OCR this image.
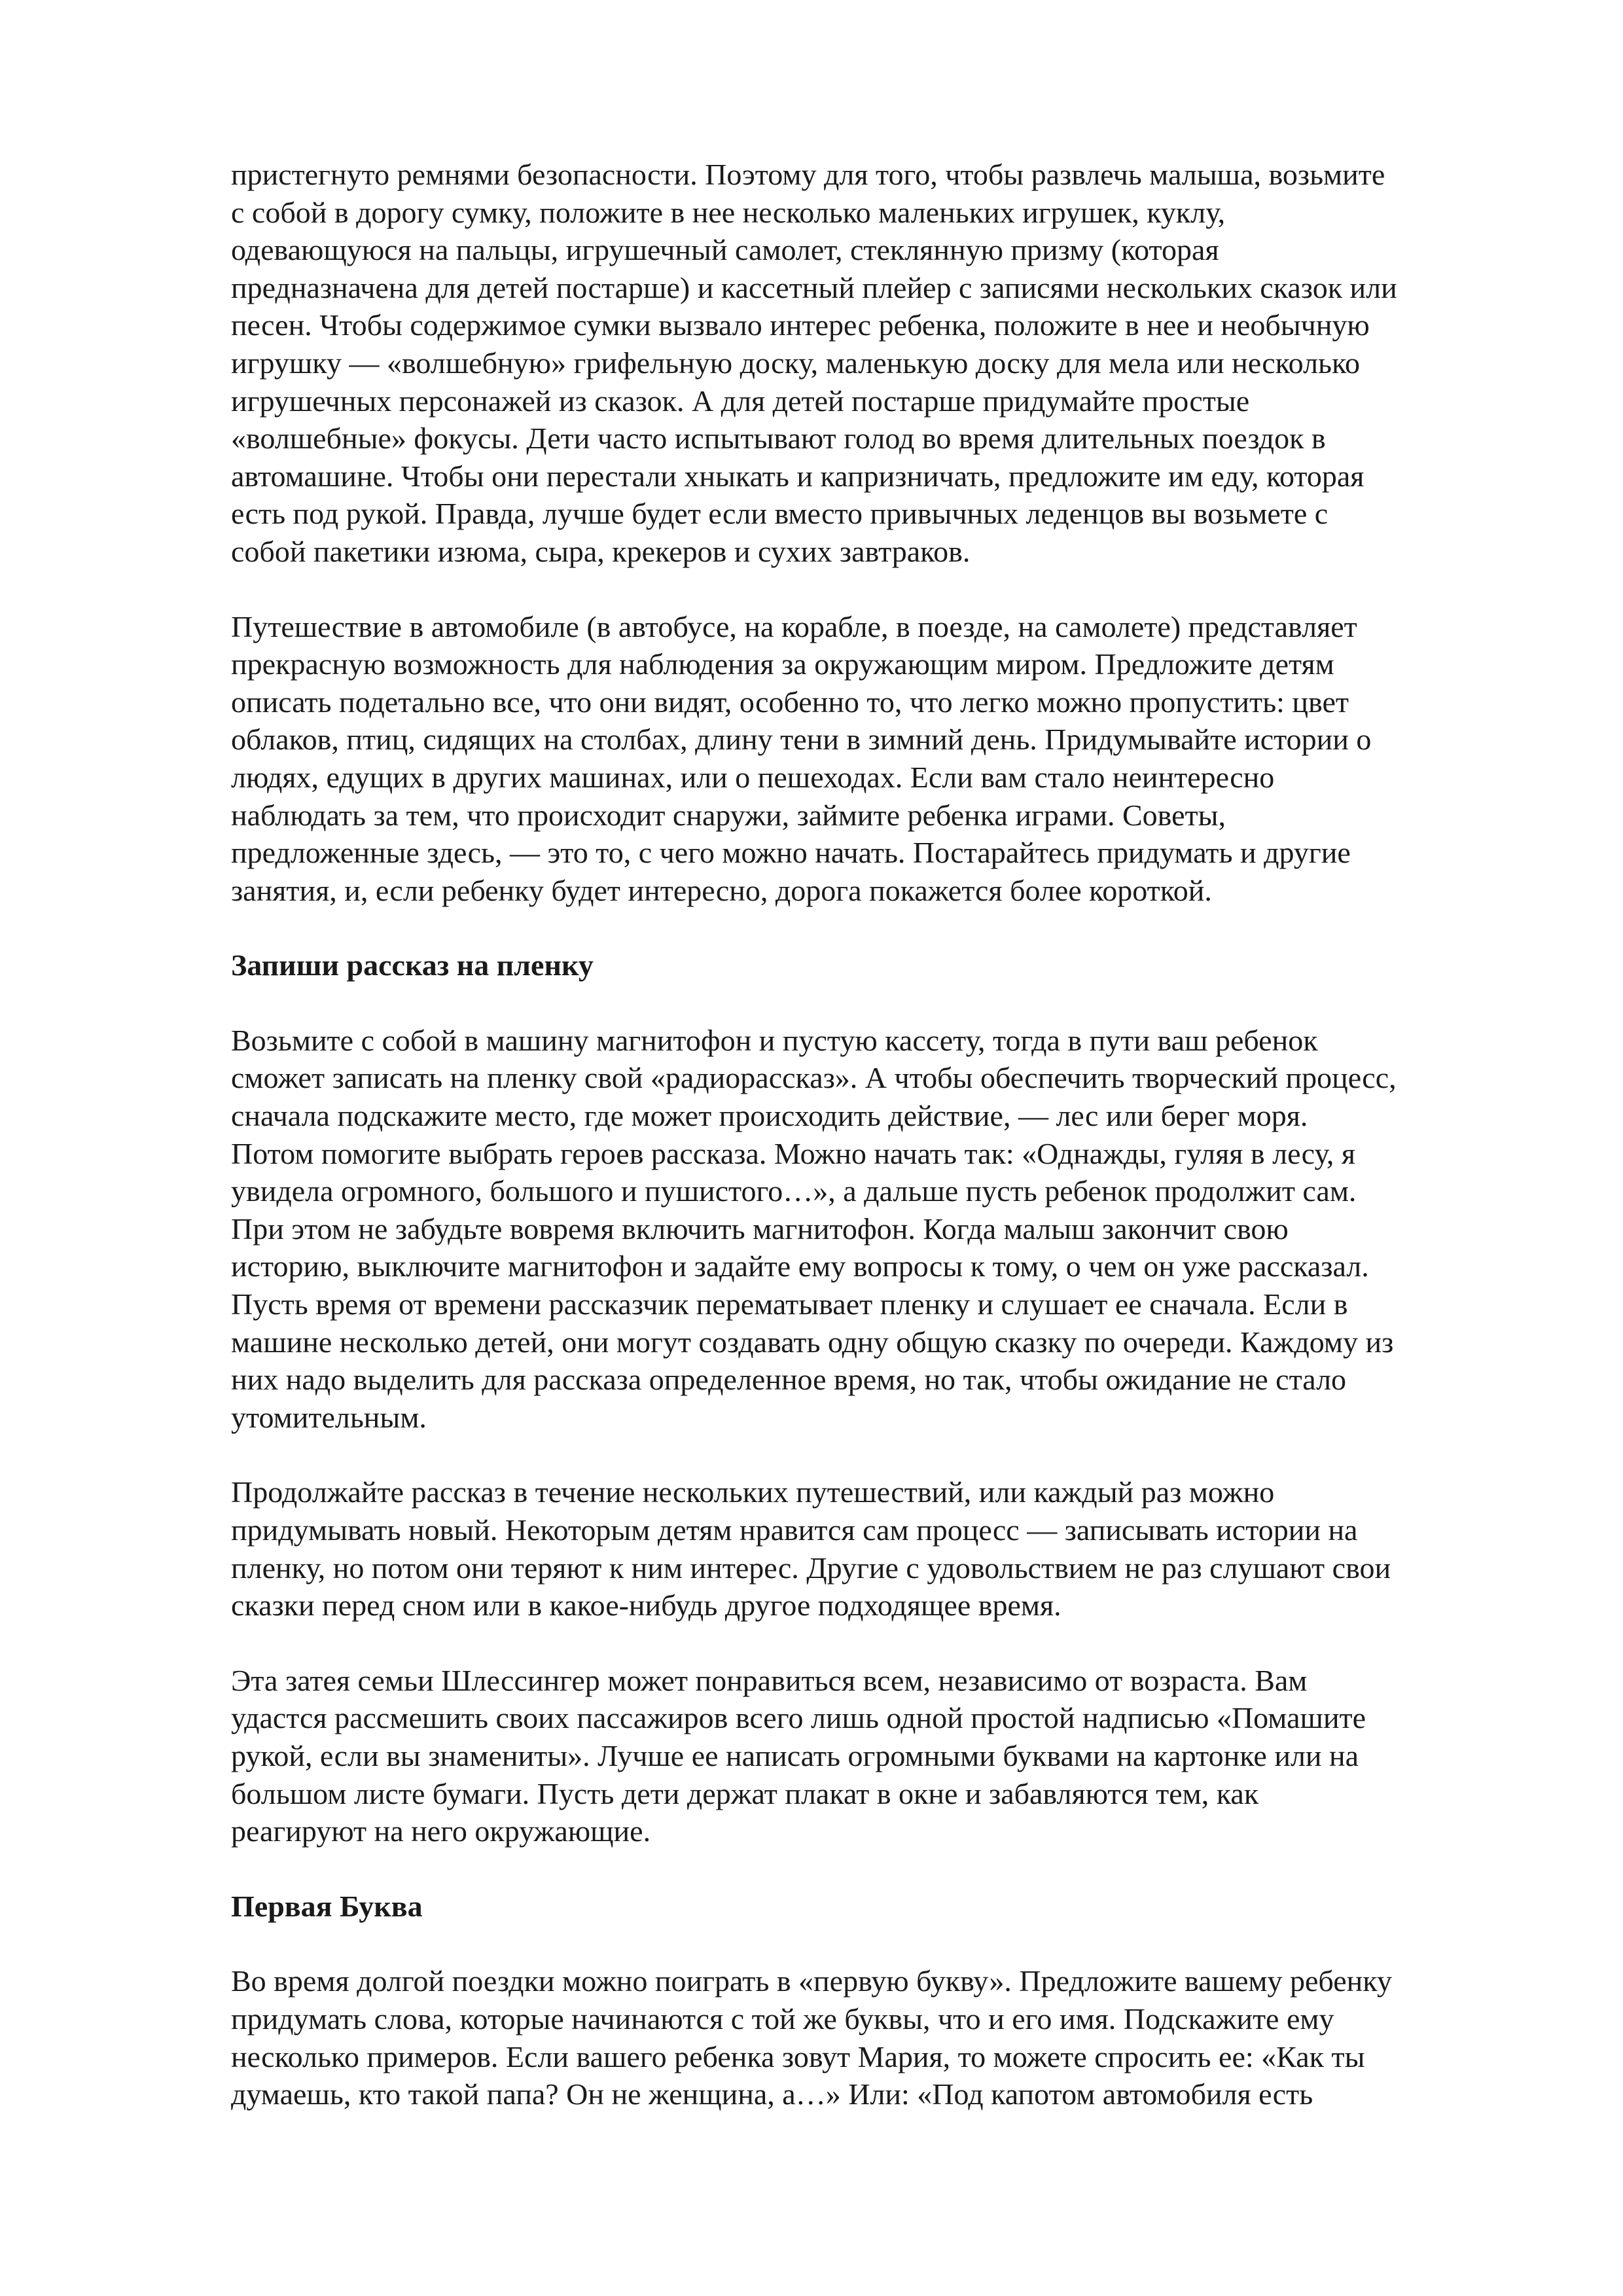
пристегнуто ремнями безопасности. Поэтому для того, чтобы развлечь малыша, возьмите
с собой в дорогу сумку, положите в нее несколько маленьких игрушек, куклу,
одевающуюся на пальцы, игрушечный самолет, стеклянную призму (которая
предназначена для детей постарше) и кассетный плейер с записями нескольких сказок или
песен. Чтобы содержимое сумки вызвало интерес ребенка, положите в нее и необычную
игрушку — «волшебную» грифельную доску, маленькую доску для мела или несколько
игрушечных персонажей из сказок. А для детей постарше придумайте простые
«волшебные» фокусы. Дети часто испытывают голод во время длительных поездок в
автомашине. Чтобы они перестали хныкать и капризничать, предложите им еду, которая
есть под рукой. Правда, лучше будет если вместо привычных леденцов вы возьмете с
собой пакетики изюма, сыра, крекеров и сухих завтраков.
Путешествие в автомобиле (в автобусе, на корабле, в поезде, на самолете) представляет
прекрасную возможность для наблюдения за окружающим миром. Предложите детям
описать подетально все, что они видят, особенно то, что легко можно пропустить: цвет
облаков, птиц, сидящих на столбах, длину тени в зимний день. Придумывайте истории о
людях, едущих в других машинах, или о пешеходах. Если вам стало неинтересно
наблюдать за тем, что происходит снаружи, займите ребенка играми. Советы,
предложенные здесь, — это то, с чего можно начать. Постарайтесь придумать и другие
занятия, и, если ребенку будет интересно, дорога покажется более короткой.
Запиши рассказ на пленку
Возьмите с собой в машину магнитофон и пустую кассету, тогда в пути ваш ребенок
сможет записать на пленку свой «радиорассказ». А чтобы обеспечить творческий процесс,
сначала подскажите место, где может происходить действие, — лес или берег моря.
Потом помогите выбрать героев рассказа. Можно начать так: «Однажды, гуляя в лесу, я
увидела огромного, большого и пушистого…», а дальше пусть ребенок продолжит сам.
При этом не забудьте вовремя включить магнитофон. Когда малыш закончит свою
историю, выключите магнитофон и задайте ему вопросы к тому, о чем он уже рассказал.
Пусть время от времени рассказчик перематывает пленку и слушает ее сначала. Если в
машине несколько детей, они могут создавать одну общую сказку по очереди. Каждому из
них надо выделить для рассказа определенное время, но так, чтобы ожидание не стало
утомительным.
Продолжайте рассказ в течение нескольких путешествий, или каждый раз можно
придумывать новый. Некоторым детям нравится сам процесс — записывать истории на
пленку, но потом они теряют к ним интерес. Другие с удовольствием не раз слушают свои
сказки перед сном или в какое-нибудь другое подходящее время.
Эта затея семьи Шлессингер может понравиться всем, независимо от возраста. Вам
удастся рассмешить своих пассажиров всего лишь одной простой надписью «Помашите
рукой, если вы знамениты». Лучше ее написать огромными буквами на картонке или на
большом листе бумаги. Пусть дети держат плакат в окне и забавляются тем, как
реагируют на него окружающие.
Первая Буква
Во время долгой поездки можно поиграть в «первую букву». Предложите вашему ребенку
придумать слова, которые начинаются с той же буквы, что и его имя. Подскажите ему
несколько примеров. Если вашего ребенка зовут Мария, то можете спросить ее: «Как ты
думаешь, кто такой папа? Он не женщина, а…» Или: «Под капотом автомобиля есть
